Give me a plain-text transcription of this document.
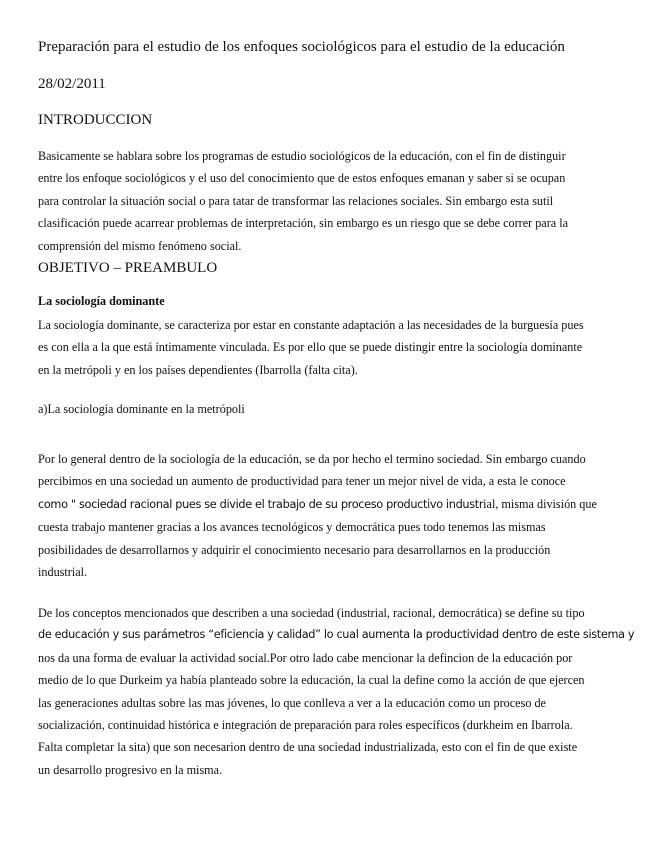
Preparación para el estudio de los enfoques sociológicos para el estudio de la educación

28/02/2011

INTRODUCCION

Basicamente se hablara sobre los programas de estudio sociológicos de la educación, con el fin de distinguir
entre los enfoque sociológicos y el uso del conocimiento que de estos enfoques emanan y saber si se ocupan
para controlar la situación social o para tatar de transformar las relaciones sociales. Sin embargo esta sutil
clasificación puede acarrear problemas de interpretación, sin embargo es un riesgo que se debe correr para la
comprensión del mismo fenómeno social.

OBJETIVO – PREAMBULO

La sociología dominante

La sociología dominante, se caracteriza por estar en constante adaptación a las necesidades de la burguesía pues
es con ella a la que está íntimamente vinculada. Es por ello que se puede distingir entre la sociología dominante
en la metrópoli y en los países dependientes (Ibarrolla (falta cita).

a)La sociología dominante en la metrópoli

Por lo general dentro de la sociología de la educación, se da por hecho el termino sociedad. Sin embargo cuando
percibimos en una sociedad un aumento de productividad para tener un mejor nivel de vida, a esta le conoce
como " sociedad racional pues se divide el trabajo de su proceso productivo industrial, misma división que
cuesta trabajo mantener gracias a los avances tecnológicos y democrática pues todo tenemos las mismas
posibilidades de desarrollarnos y adquirir el conocimiento necesario para desarrollarnos en la producción
industrial.

De los conceptos mencionados que describen a una sociedad (industrial, racional, democrática) se define su tipo
de educación y sus parámetros “eficiencia y calidad” lo cual aumenta la productividad dentro de este sistema y
nos da una forma de evaluar la actividad social.Por otro lado cabe mencionar la defincion de la educación por
medio de lo que Durkeim ya había planteado sobre la educación, la cual la define como la acción de que ejercen
las generaciones adultas sobre las mas jóvenes, lo que conlleva a ver a la educación como un proceso de
socialización, continuidad histórica e integración de preparación para roles específicos (durkheim en Ibarrola.
Falta completar la sita) que son necesarion dentro de una sociedad industrializada, esto con el fin de que existe
un desarrollo progresivo en la misma.
